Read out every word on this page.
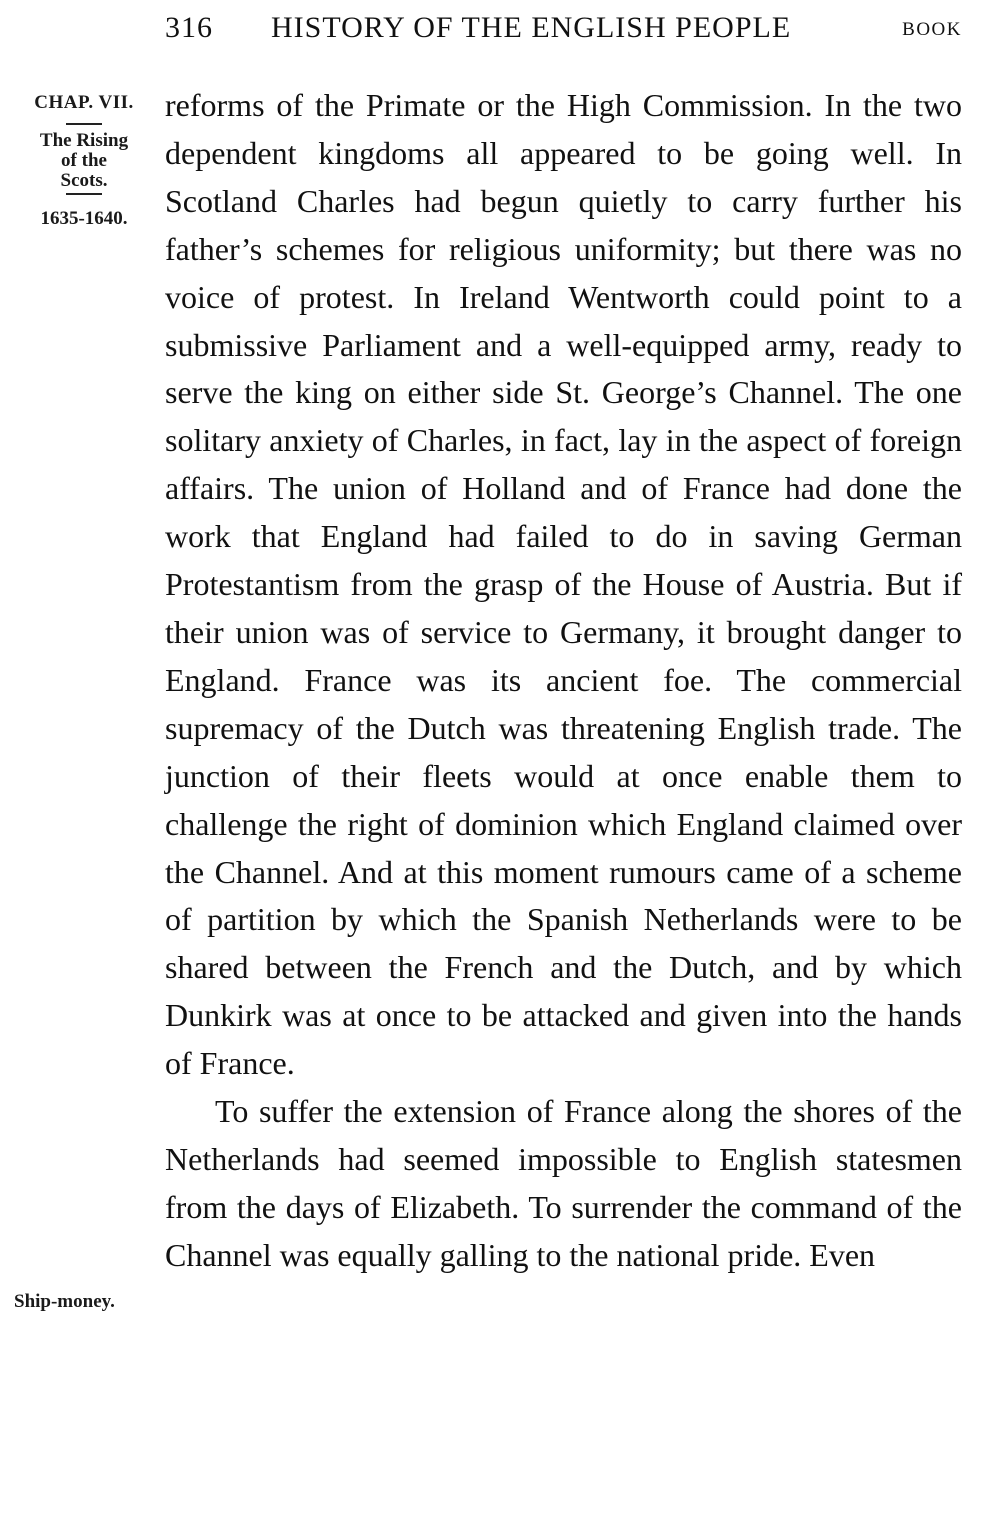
316 HISTORY OF THE ENGLISH PEOPLE	BOOK
CHAP. VII.
The Rising
of the
Scots.
1635-1640.
Ship-money.

reforms of the Primate or the High Commission. In the two dependent kingdoms all appeared to be going well. In Scotland Charles had begun quietly to carry further his father’s schemes for religious uniformity; but there was no voice of protest. In Ireland Wentworth could point to a submissive Parliament and a well-equipped army, ready to serve the king on either side St. George’s Channel. The one solitary anxiety of Charles, in fact, lay in the aspect of foreign affairs. The union of Holland and of France had done the work that England had failed to do in saving German Protestantism from the grasp of the House of Austria. But if their union was of service to Germany, it brought danger to England. France was its ancient foe. The commercial supremacy of the Dutch was threatening English trade. The junction of their fleets would at once enable them to challenge the right of dominion which England claimed over the Channel. And at this moment rumours came of a scheme of partition by which the Spanish Netherlands were to be shared between the French and the Dutch, and by which Dunkirk was at once to be attacked and given into the hands of France.

To suffer the extension of France along the shores of the Netherlands had seemed impossible to English statesmen from the days of Elizabeth. To surrender the command of the Channel was equally galling to the national pride. Even
